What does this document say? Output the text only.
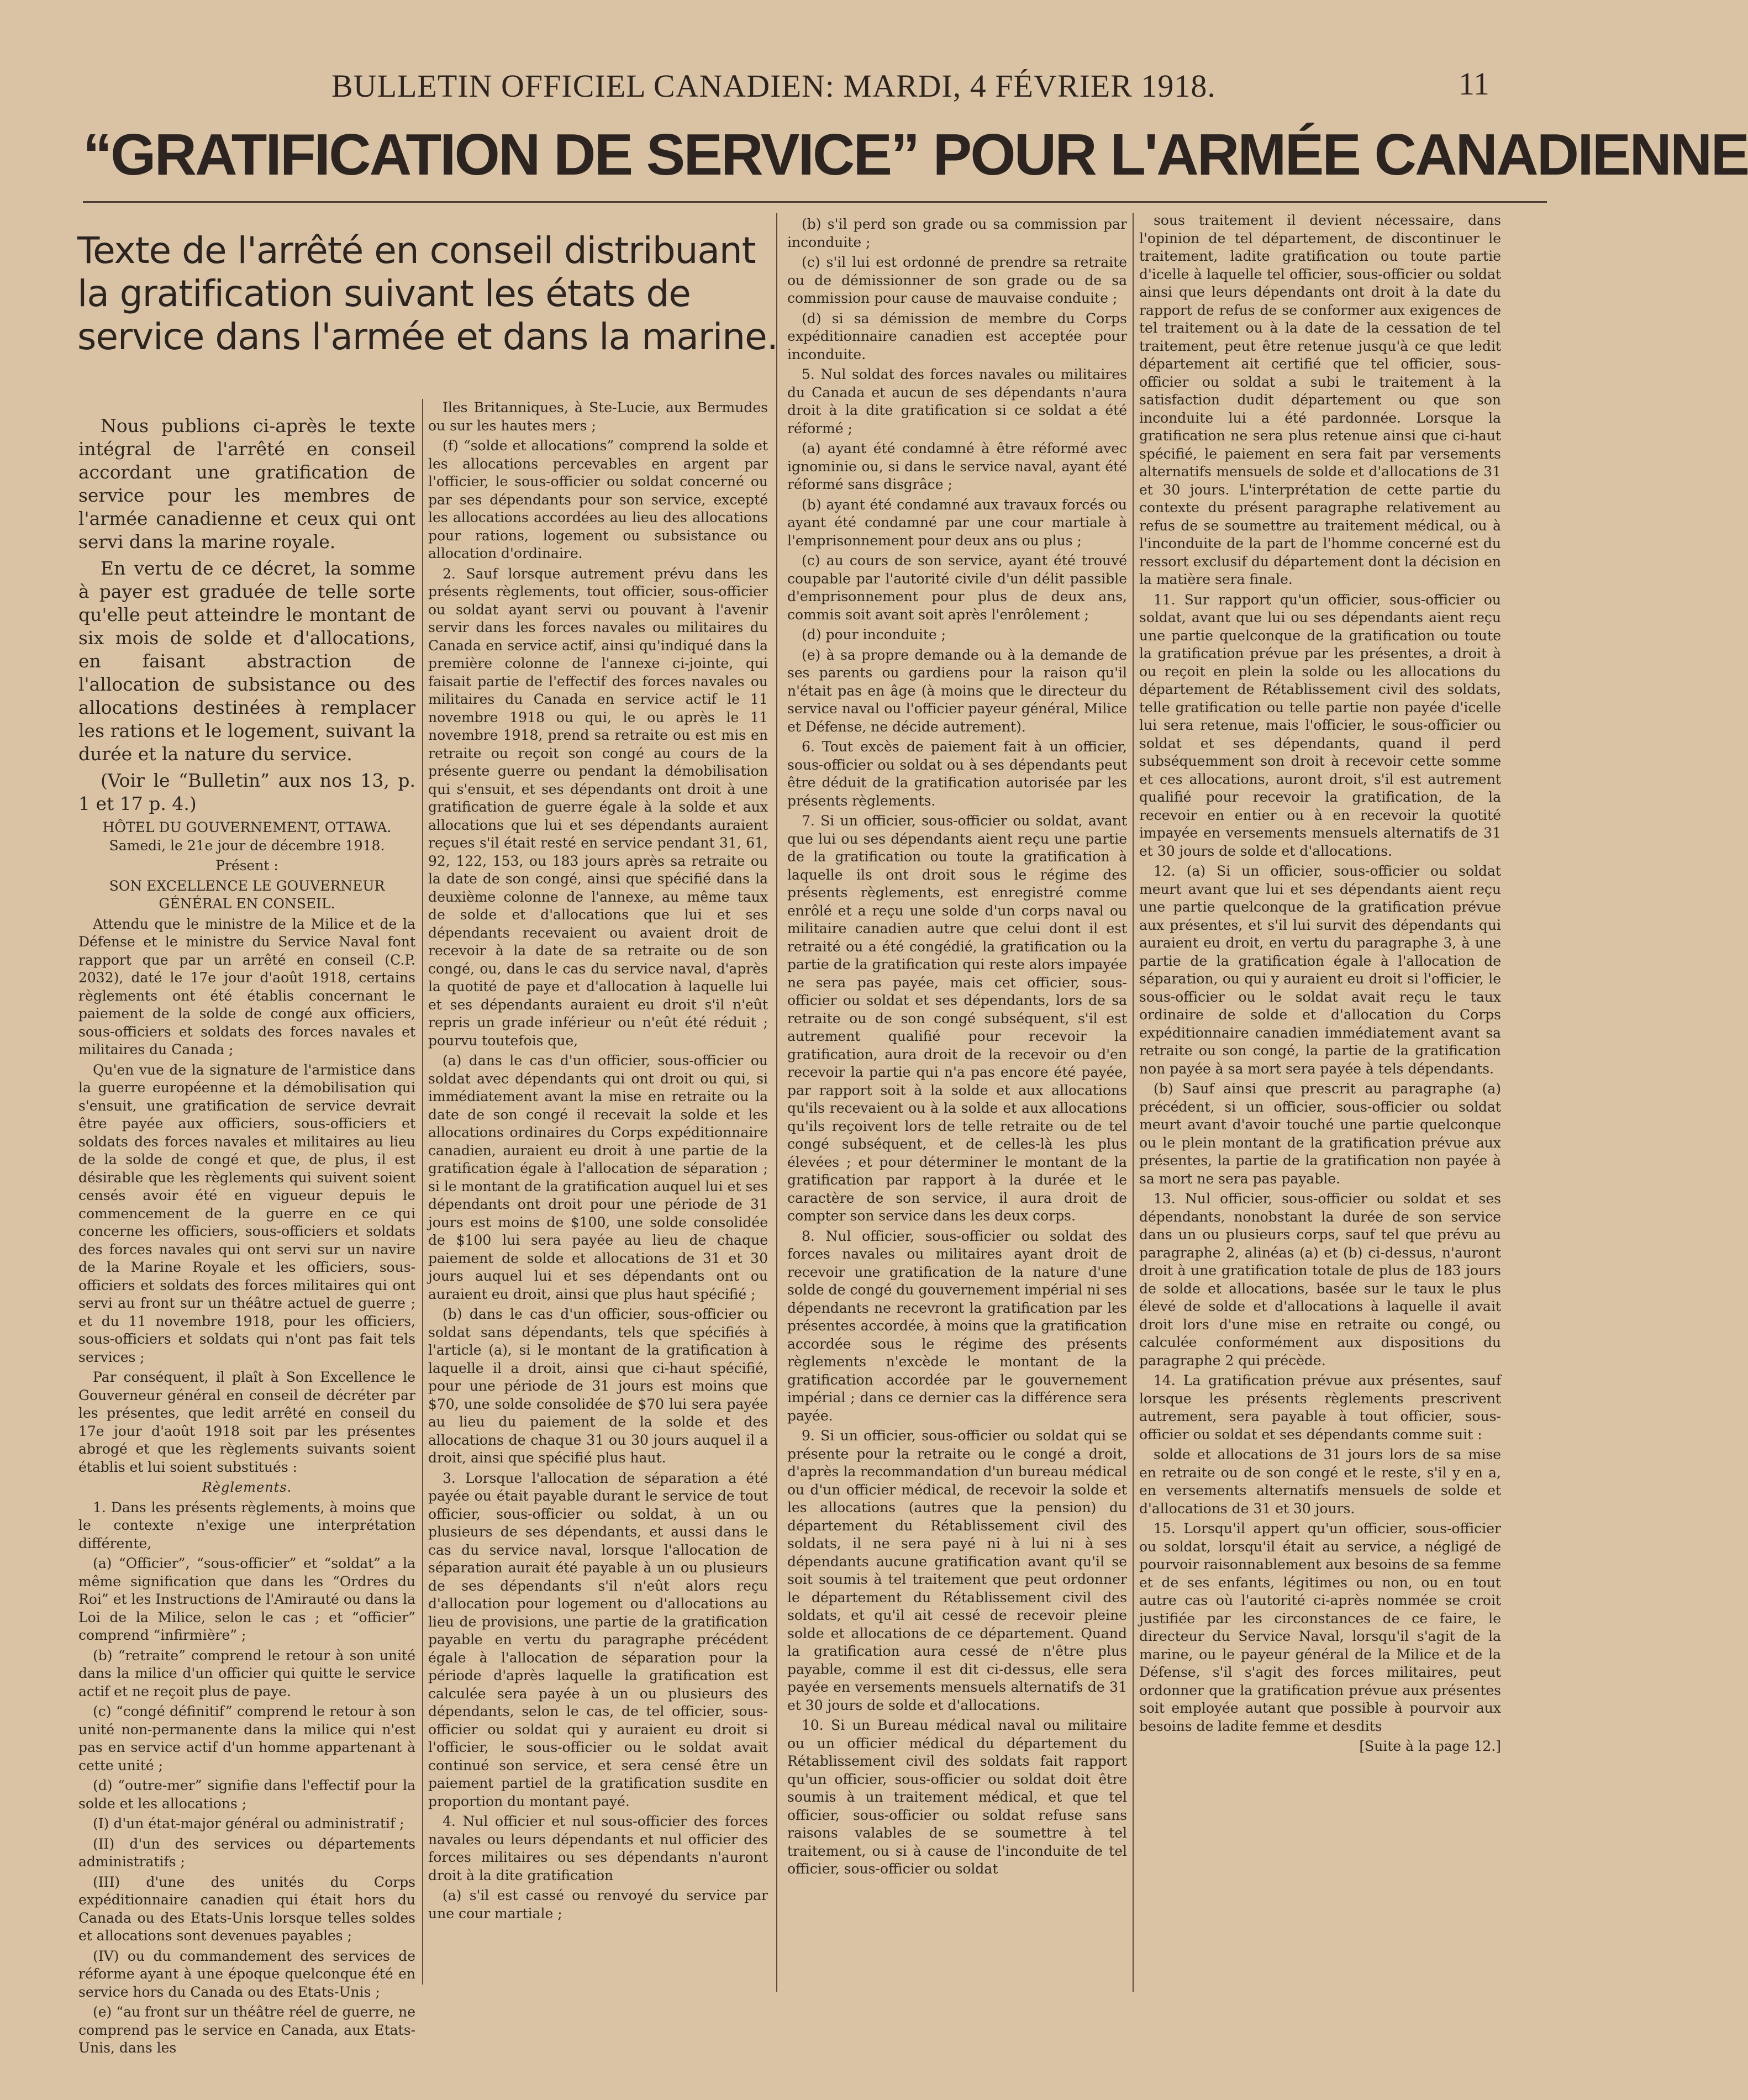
BULLETIN OFFICIEL CANADIEN: MARDI, 4 FÉVRIER 1918.	11
“GRATIFICATION DE SERVICE” POUR L'ARMÉE CANADIENNE
Texte de l'arrêté en conseil distribuant la gratification suivant les états de service dans l'armée et dans la marine.

Nous publions ci-après le texte intégral de l'arrêté en conseil accordant une gratification de service pour les membres de l'armée canadienne et ceux qui ont servi dans la marine royale.

En vertu de ce décret, la somme à payer est graduée de telle sorte qu'elle peut atteindre le montant de six mois de solde et d'allocations, en faisant abstraction de l'allocation de subsistance ou des allocations destinées à remplacer les rations et le logement, suivant la durée et la nature du service.

(Voir le “Bulletin” aux nos 13, p. 1 et 17 p. 4.)

HÔTEL DU GOUVERNEMENT, OTTAWA. Samedi, le 21e jour de décembre 1918.

Présent :

SON EXCELLENCE LE GOUVERNEUR GÉNÉRAL EN CONSEIL.

Attendu que le ministre de la Milice et de la Défense et le ministre du Service Naval font rapport que par un arrêté en conseil (C.P. 2032), daté le 17e jour d'août 1918, certains règlements ont été établis concernant le paiement de la solde de congé aux officiers, sous-officiers et soldats des forces navales et militaires du Canada ;

Qu'en vue de la signature de l'armistice dans la guerre européenne et la démobilisation qui s'ensuit, une gratification de service devrait être payée aux officiers, sous-officiers et soldats des forces navales et militaires au lieu de la solde de congé et que, de plus, il est désirable que les règlements qui suivent soient censés avoir été en vigueur depuis le commencement de la guerre en ce qui concerne les officiers, sous-officiers et soldats des forces navales qui ont servi sur un navire de la Marine Royale et les officiers, sous-officiers et soldats des forces militaires qui ont servi au front sur un théâtre actuel de guerre ; et du 11 novembre 1918, pour les officiers, sous-officiers et soldats qui n'ont pas fait tels services ;

Par conséquent, il plaît à Son Excellence le Gouverneur général en conseil de décréter par les présentes, que ledit arrêté en conseil du 17e jour d'août 1918 soit par les présentes abrogé et que les règlements suivants soient établis et lui soient substitués :

Règlements.

1. Dans les présents règlements, à moins que le contexte n'exige une interprétation différente,

(a) “Officier”, “sous-officier” et “soldat” a la même signification que dans les “Ordres du Roi” et les Instructions de l'Amirauté ou dans la Loi de la Milice, selon le cas ; et “officier” comprend “infirmière” ;

(b) “retraite” comprend le retour à son unité dans la milice d'un officier qui quitte le service actif et ne reçoit plus de paye.

(c) “congé définitif” comprend le retour à son unité non-permanente dans la milice qui n'est pas en service actif d'un homme appartenant à cette unité ;

(d) “outre-mer” signifie dans l'effectif pour la solde et les allocations ;

(I) d'un état-major général ou administratif ;

(II) d'un des services ou départements administratifs ;

(III) d'une des unités du Corps expéditionnaire canadien qui était hors du Canada ou des Etats-Unis lorsque telles soldes et allocations sont devenues payables ;

(IV) ou du commandement des services de réforme ayant à une époque quelconque été en service hors du Canada ou des Etats-Unis ;

(e) “au front sur un théâtre réel de guerre, ne comprend pas le service en Canada, aux Etats-Unis, dans les

Iles Britanniques, à Ste-Lucie, aux Bermudes ou sur les hautes mers ;

(f) “solde et allocations” comprend la solde et les allocations percevables en argent par l'officier, le sous-officier ou soldat concerné ou par ses dépendants pour son service, excepté les allocations accordées au lieu des allocations pour rations, logement ou subsistance ou allocation d'ordinaire.

2. Sauf lorsque autrement prévu dans les présents règlements, tout officier, sous-officier ou soldat ayant servi ou pouvant à l'avenir servir dans les forces navales ou militaires du Canada en service actif, ainsi qu'indiqué dans la première colonne de l'annexe ci-jointe, qui faisait partie de l'effectif des forces navales ou militaires du Canada en service actif le 11 novembre 1918 ou qui, le ou après le 11 novembre 1918, prend sa retraite ou est mis en retraite ou reçoit son congé au cours de la présente guerre ou pendant la démobilisation qui s'ensuit, et ses dépendants ont droit à une gratification de guerre égale à la solde et aux allocations que lui et ses dépendants auraient reçues s'il était resté en service pendant 31, 61, 92, 122, 153, ou 183 jours après sa retraite ou la date de son congé, ainsi que spécifié dans la deuxième colonne de l'annexe, au même taux de solde et d'allocations que lui et ses dépendants recevaient ou avaient droit de recevoir à la date de sa retraite ou de son congé, ou, dans le cas du service naval, d'après la quotité de paye et d'allocation à laquelle lui et ses dépendants auraient eu droit s'il n'eût repris un grade inférieur ou n'eût été réduit ; pourvu toutefois que,

(a) dans le cas d'un officier, sous-officier ou soldat avec dépendants qui ont droit ou qui, si immédiatement avant la mise en retraite ou la date de son congé il recevait la solde et les allocations ordinaires du Corps expéditionnaire canadien, auraient eu droit à une partie de la gratification égale à l'allocation de séparation ; si le montant de la gratification auquel lui et ses dépendants ont droit pour une période de 31 jours est moins de $100, une solde consolidée de $100 lui sera payée au lieu de chaque paiement de solde et allocations de 31 et 30 jours auquel lui et ses dépendants ont ou auraient eu droit, ainsi que plus haut spécifié ;

(b) dans le cas d'un officier, sous-officier ou soldat sans dépendants, tels que spécifiés à l'article (a), si le montant de la gratification à laquelle il a droit, ainsi que ci-haut spécifié, pour une période de 31 jours est moins que $70, une solde consolidée de $70 lui sera payée au lieu du paiement de la solde et des allocations de chaque 31 ou 30 jours auquel il a droit, ainsi que spécifié plus haut.

3. Lorsque l'allocation de séparation a été payée ou était payable durant le service de tout officier, sous-officier ou soldat, à un ou plusieurs de ses dépendants, et aussi dans le cas du service naval, lorsque l'allocation de séparation aurait été payable à un ou plusieurs de ses dépendants s'il n'eût alors reçu d'allocation pour logement ou d'allocations au lieu de provisions, une partie de la gratification payable en vertu du paragraphe précédent égale à l'allocation de séparation pour la période d'après laquelle la gratification est calculée sera payée à un ou plusieurs des dépendants, selon le cas, de tel officier, sous-officier ou soldat qui y auraient eu droit si l'officier, le sous-officier ou le soldat avait continué son service, et sera censé être un paiement partiel de la gratification susdite en proportion du montant payé.

4. Nul officier et nul sous-officier des forces navales ou leurs dépendants et nul officier des forces militaires ou ses dépendants n'auront droit à la dite gratification

(a) s'il est cassé ou renvoyé du service par une cour martiale ;

(b) s'il perd son grade ou sa commission par inconduite ;

(c) s'il lui est ordonné de prendre sa retraite ou de démissionner de son grade ou de sa commission pour cause de mauvaise conduite ;

(d) si sa démission de membre du Corps expéditionnaire canadien est acceptée pour inconduite.

5. Nul soldat des forces navales ou militaires du Canada et aucun de ses dépendants n'aura droit à la dite gratification si ce soldat a été réformé ;

(a) ayant été condamné à être réformé avec ignominie ou, si dans le service naval, ayant été réformé sans disgrâce ;

(b) ayant été condamné aux travaux forcés ou ayant été condamné par une cour martiale à l'emprisonnement pour deux ans ou plus ;

(c) au cours de son service, ayant été trouvé coupable par l'autorité civile d'un délit passible d'emprisonnement pour plus de deux ans, commis soit avant soit après l'enrôlement ;

(d) pour inconduite ;

(e) à sa propre demande ou à la demande de ses parents ou gardiens pour la raison qu'il n'était pas en âge (à moins que le directeur du service naval ou l'officier payeur général, Milice et Défense, ne décide autrement).

6. Tout excès de paiement fait à un officier, sous-officier ou soldat ou à ses dépendants peut être déduit de la gratification autorisée par les présents règlements.

7. Si un officier, sous-officier ou soldat, avant que lui ou ses dépendants aient reçu une partie de la gratification ou toute la gratification à laquelle ils ont droit sous le régime des présents règlements, est enregistré comme enrôlé et a reçu une solde d'un corps naval ou militaire canadien autre que celui dont il est retraité ou a été congédié, la gratification ou la partie de la gratification qui reste alors impayée ne sera pas payée, mais cet officier, sous-officier ou soldat et ses dépendants, lors de sa retraite ou de son congé subséquent, s'il est autrement qualifié pour recevoir la gratification, aura droit de la recevoir ou d'en recevoir la partie qui n'a pas encore été payée, par rapport soit à la solde et aux allocations qu'ils recevaient ou à la solde et aux allocations qu'ils reçoivent lors de telle retraite ou de tel congé subséquent, et de celles-là les plus élevées ; et pour déterminer le montant de la gratification par rapport à la durée et le caractère de son service, il aura droit de compter son service dans les deux corps.

8. Nul officier, sous-officier ou soldat des forces navales ou militaires ayant droit de recevoir une gratification de la nature d'une solde de congé du gouvernement impérial ni ses dépendants ne recevront la gratification par les présentes accordée, à moins que la gratification accordée sous le régime des présents règlements n'excède le montant de la gratification accordée par le gouvernement impérial ; dans ce dernier cas la différence sera payée.

9. Si un officier, sous-officier ou soldat qui se présente pour la retraite ou le congé a droit, d'après la recommandation d'un bureau médical ou d'un officier médical, de recevoir la solde et les allocations (autres que la pension) du département du Rétablissement civil des soldats, il ne sera payé ni à lui ni à ses dépendants aucune gratification avant qu'il se soit soumis à tel traitement que peut ordonner le département du Rétablissement civil des soldats, et qu'il ait cessé de recevoir pleine solde et allocations de ce département. Quand la gratification aura cessé de n'être plus payable, comme il est dit ci-dessus, elle sera payée en versements mensuels alternatifs de 31 et 30 jours de solde et d'allocations.

10. Si un Bureau médical naval ou militaire ou un officier médical du département du Rétablissement civil des soldats fait rapport qu'un officier, sous-officier ou soldat doit être soumis à un traitement médical, et que tel officier, sous-officier ou soldat refuse sans raisons valables de se soumettre à tel traitement, ou si à cause de l'inconduite de tel officier, sous-officier ou soldat

sous traitement il devient nécessaire, dans l'opinion de tel département, de discontinuer le traitement, ladite gratification ou toute partie d'icelle à laquelle tel officier, sous-officier ou soldat ainsi que leurs dépendants ont droit à la date du rapport de refus de se conformer aux exigences de tel traitement ou à la date de la cessation de tel traitement, peut être retenue jusqu'à ce que ledit département ait certifié que tel officier, sous-officier ou soldat a subi le traitement à la satisfaction dudit département ou que son inconduite lui a été pardonnée. Lorsque la gratification ne sera plus retenue ainsi que ci-haut spécifié, le paiement en sera fait par versements alternatifs mensuels de solde et d'allocations de 31 et 30 jours. L'interprétation de cette partie du contexte du présent paragraphe relativement au refus de se soumettre au traitement médical, ou à l'inconduite de la part de l'homme concerné est du ressort exclusif du département dont la décision en la matière sera finale.

11. Sur rapport qu'un officier, sous-officier ou soldat, avant que lui ou ses dépendants aient reçu une partie quelconque de la gratification ou toute la gratification prévue par les présentes, a droit à ou reçoit en plein la solde ou les allocations du département de Rétablissement civil des soldats, telle gratification ou telle partie non payée d'icelle lui sera retenue, mais l'officier, le sous-officier ou soldat et ses dépendants, quand il perd subséquemment son droit à recevoir cette somme et ces allocations, auront droit, s'il est autrement qualifié pour recevoir la gratification, de la recevoir en entier ou à en recevoir la quotité impayée en versements mensuels alternatifs de 31 et 30 jours de solde et d'allocations.

12. (a) Si un officier, sous-officier ou soldat meurt avant que lui et ses dépendants aient reçu une partie quelconque de la gratification prévue aux présentes, et s'il lui survit des dépendants qui auraient eu droit, en vertu du paragraphe 3, à une partie de la gratification égale à l'allocation de séparation, ou qui y auraient eu droit si l'officier, le sous-officier ou le soldat avait reçu le taux ordinaire de solde et d'allocation du Corps expéditionnaire canadien immédiatement avant sa retraite ou son congé, la partie de la gratification non payée à sa mort sera payée à tels dépendants.

(b) Sauf ainsi que prescrit au paragraphe (a) précédent, si un officier, sous-officier ou soldat meurt avant d'avoir touché une partie quelconque ou le plein montant de la gratification prévue aux présentes, la partie de la gratification non payée à sa mort ne sera pas payable.

13. Nul officier, sous-officier ou soldat et ses dépendants, nonobstant la durée de son service dans un ou plusieurs corps, sauf tel que prévu au paragraphe 2, alinéas (a) et (b) ci-dessus, n'auront droit à une gratification totale de plus de 183 jours de solde et allocations, basée sur le taux le plus élevé de solde et d'allocations à laquelle il avait droit lors d'une mise en retraite ou congé, ou calculée conformément aux dispositions du paragraphe 2 qui précède.

14. La gratification prévue aux présentes, sauf lorsque les présents règlements prescrivent autrement, sera payable à tout officier, sous-officier ou soldat et ses dépendants comme suit :

solde et allocations de 31 jours lors de sa mise en retraite ou de son congé et le reste, s'il y en a, en versements alternatifs mensuels de solde et d'allocations de 31 et 30 jours.

15. Lorsqu'il appert qu'un officier, sous-officier ou soldat, lorsqu'il était au service, a négligé de pourvoir raisonnablement aux besoins de sa femme et de ses enfants, légitimes ou non, ou en tout autre cas où l'autorité ci-après nommée se croit justifiée par les circonstances de ce faire, le directeur du Service Naval, lorsqu'il s'agit de la marine, ou le payeur général de la Milice et de la Défense, s'il s'agit des forces militaires, peut ordonner que la gratification prévue aux présentes soit employée autant que possible à pourvoir aux besoins de ladite femme et desdits

[Suite à la page 12.]
